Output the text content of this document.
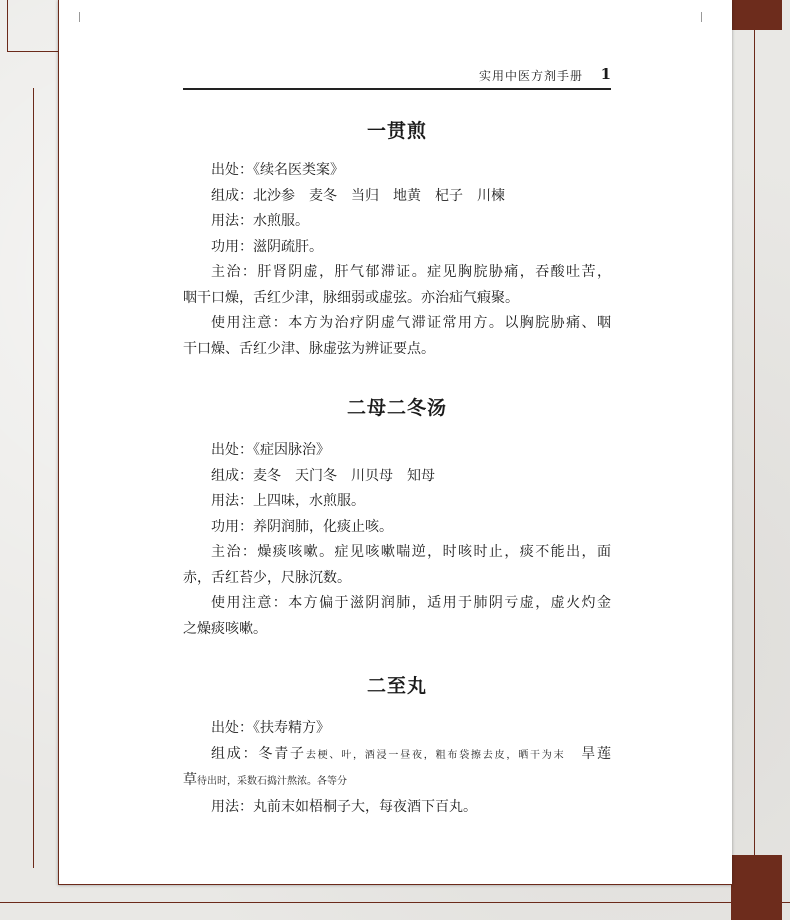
实用中医方剂手册 1
一贯煎
出处：《续名医类案》
组成：北沙参　麦冬　当归　地黄　杞子　川楝
用法：水煎服。
功用：滋阴疏肝。
主治：肝肾阴虚，肝气郁滞证。症见胸脘胁痛，吞酸吐苦，
咽干口燥，舌红少津，脉细弱或虚弦。亦治疝气瘕聚。
使用注意：本方为治疗阴虚气滞证常用方。以胸脘胁痛、咽
干口燥、舌红少津、脉虚弦为辨证要点。
二母二冬汤
出处：《症因脉治》
组成：麦冬　天门冬　川贝母　知母
用法：上四味，水煎服。
功用：养阴润肺，化痰止咳。
主治：燥痰咳嗽。症见咳嗽喘逆，时咳时止，痰不能出，面
赤，舌红苔少，尺脉沉数。
使用注意：本方偏于滋阴润肺，适用于肺阴亏虚，虚火灼金
之燥痰咳嗽。
二至丸
出处：《扶寿精方》
组成：冬青子去梗、叶，酒浸一昼夜，粗布袋擦去皮，晒干为末   旱莲
草待出时，采数石捣汁熬浓。各等分
用法：丸前末如梧桐子大，每夜酒下百丸。
